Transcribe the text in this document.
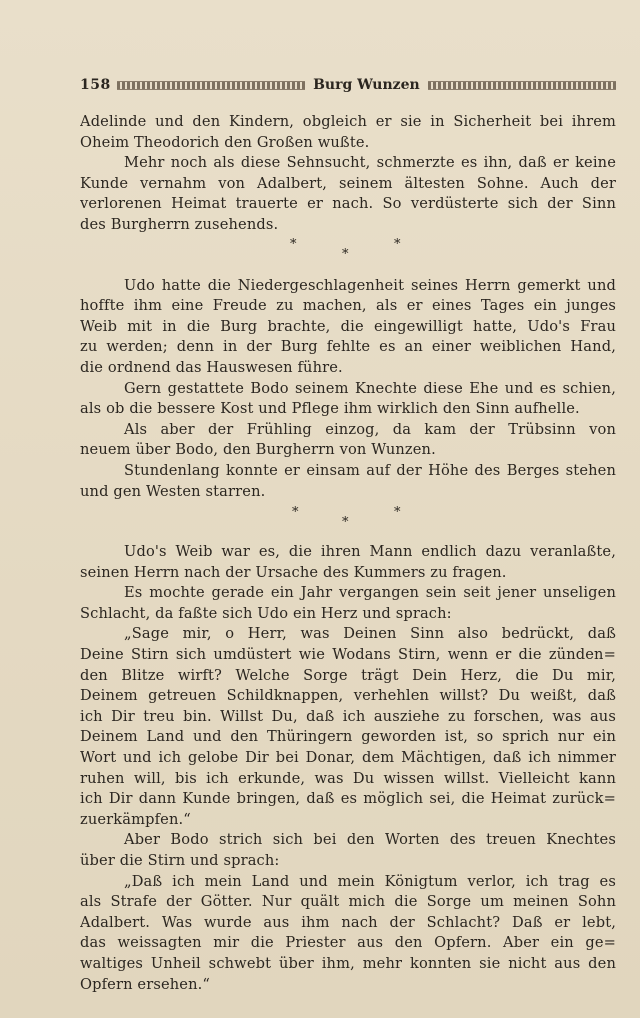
158	Burg Wunzen
Adelinde und den Kindern, obgleich er sie in Sicherheit bei ihrem
Oheim Theodorich den Großen wußte.
Mehr noch als diese Sehnsucht, schmerzte es ihn, daß er keine
Kunde vernahm von Adalbert, seinem ältesten Sohne. Auch der
verlorenen Heimat trauerte er nach. So verdüsterte sich der Sinn
des Burgherrn zusehends.
*
*
*
Udo hatte die Niedergeschlagenheit seines Herrn gemerkt und
hoffte ihm eine Freude zu machen, als er eines Tages ein junges
Weib mit in die Burg brachte, die eingewilligt hatte, Udo's Frau
zu werden; denn in der Burg fehlte es an einer weiblichen Hand,
die ordnend das Hauswesen führe.
Gern gestattete Bodo seinem Knechte diese Ehe und es schien,
als ob die bessere Kost und Pflege ihm wirklich den Sinn aufhelle.
Als aber der Frühling einzog, da kam der Trübsinn von
neuem über Bodo, den Burgherrn von Wunzen.
Stundenlang konnte er einsam auf der Höhe des Berges stehen
und gen Westen starren.
*
*
*
Udo's Weib war es, die ihren Mann endlich dazu veranlaßte,
seinen Herrn nach der Ursache des Kummers zu fragen.
Es mochte gerade ein Jahr vergangen sein seit jener unseligen
Schlacht, da faßte sich Udo ein Herz und sprach:
„Sage mir, o Herr, was Deinen Sinn also bedrückt, daß
Deine Stirn sich umdüstert wie Wodans Stirn, wenn er die zünden=
den Blitze wirft? Welche Sorge trägt Dein Herz, die Du mir,
Deinem getreuen Schildknappen, verhehlen willst? Du weißt, daß
ich Dir treu bin. Willst Du, daß ich ausziehe zu forschen, was aus
Deinem Land und den Thüringern geworden ist, so sprich nur ein
Wort und ich gelobe Dir bei Donar, dem Mächtigen, daß ich nimmer
ruhen will, bis ich erkunde, was Du wissen willst. Vielleicht kann
ich Dir dann Kunde bringen, daß es möglich sei, die Heimat zurück=
zuerkämpfen.“
Aber Bodo strich sich bei den Worten des treuen Knechtes
über die Stirn und sprach:
„Daß ich mein Land und mein Königtum verlor, ich trag es
als Strafe der Götter. Nur quält mich die Sorge um meinen Sohn
Adalbert. Was wurde aus ihm nach der Schlacht? Daß er lebt,
das weissagten mir die Priester aus den Opfern. Aber ein ge=
waltiges Unheil schwebt über ihm, mehr konnten sie nicht aus den
Opfern ersehen.“
